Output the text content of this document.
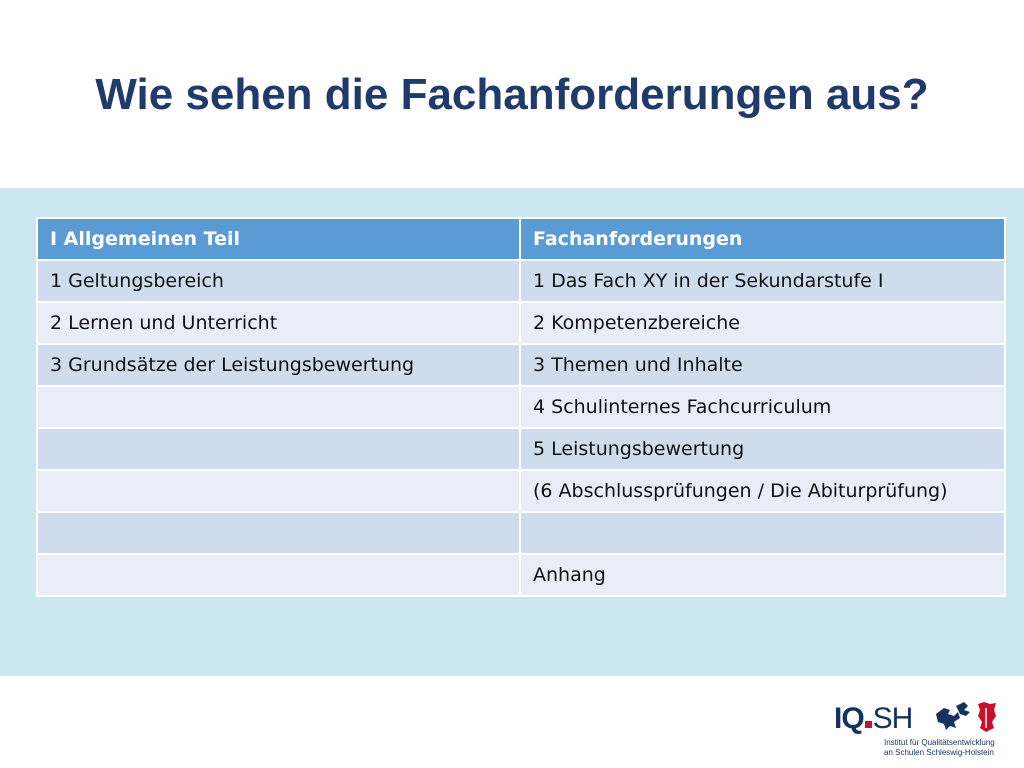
Wie sehen die Fachanforderungen aus?
I Allgemeinen Teil	Fachanforderungen
1 Geltungsbereich	1 Das Fach XY in der Sekundarstufe I
2 Lernen und Unterricht	2 Kompetenzbereiche
3 Grundsätze der Leistungsbewertung	3 Themen und Inhalte
	4 Schulinternes Fachcurriculum
	5 Leistungsbewertung
	(6 Abschlussprüfungen / Die Abiturprüfung)

	Anhang
IQ SH
Institut für Qualitätsentwicklung
an Schulen Schleswig-Holstein
